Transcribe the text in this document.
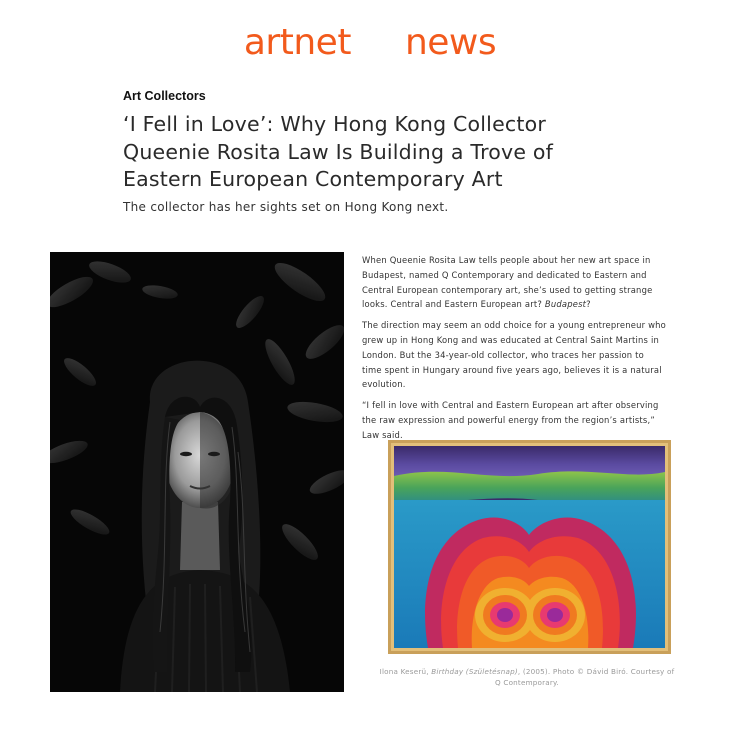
artnet news
Art Collectors
‘I Fell in Love’: Why Hong Kong Collector
Queenie Rosita Law Is Building a Trove of
Eastern European Contemporary Art
The collector has her sights set on Hong Kong next.

When Queenie Rosita Law tells people about her new art space in
Budapest, named Q Contemporary and dedicated to Eastern and
Central European contemporary art, she’s used to getting strange
looks. Central and Eastern European art? Budapest?

The direction may seem an odd choice for a young entrepreneur who
grew up in Hong Kong and was educated at Central Saint Martins in
London. But the 34-year-old collector, who traces her passion to
time spent in Hungary around five years ago, believes it is a natural
evolution.

“I fell in love with Central and Eastern European art after observing
the raw expression and powerful energy from the region’s artists,”
Law said.

Ilona Keserü, Birthday (Születésnap), (2005). Photo © Dávid Biró. Courtesy of
Q Contemporary.
